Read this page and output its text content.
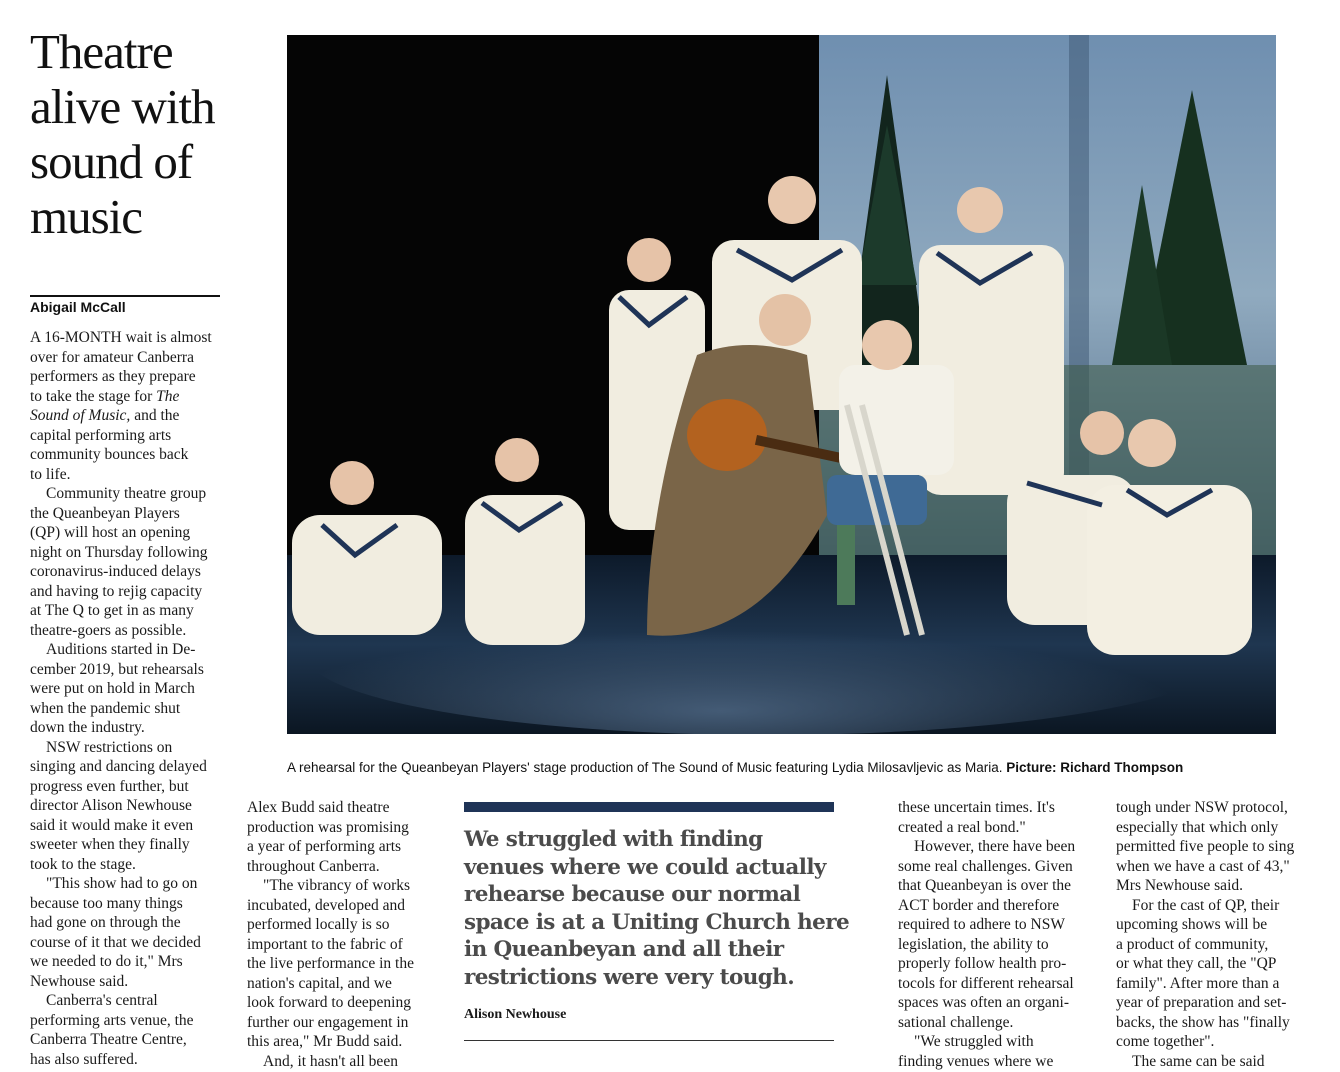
Theatre
alive with
sound of
music
Abigail McCall
A 16-MONTH wait is almost
over for amateur Canberra
performers as they prepare
to take the stage for The
Sound of Music, and the
capital performing arts
community bounces back
to life.
Community theatre group
the Queanbeyan Players
(QP) will host an opening
night on Thursday following
coronavirus-induced delays
and having to rejig capacity
at The Q to get in as many
theatre-goers as possible.
Auditions started in De-
cember 2019, but rehearsals
were put on hold in March
when the pandemic shut
down the industry.
NSW restrictions on
singing and dancing delayed
progress even further, but
director Alison Newhouse
said it would make it even
sweeter when they finally
took to the stage.
"This show had to go on
because too many things
had gone on through the
course of it that we decided
we needed to do it," Mrs
Newhouse said.
Canberra's central
performing arts venue, the
Canberra Theatre Centre,
has also suffered.
A rehearsal for the Queanbeyan Players' stage production of The Sound of Music featuring Lydia Milosavljevic as Maria. Picture: Richard Thompson
Alex Budd said theatre
production was promising
a year of performing arts
throughout Canberra.
"The vibrancy of works
incubated, developed and
performed locally is so
important to the fabric of
the live performance in the
nation's capital, and we
look forward to deepening
further our engagement in
this area," Mr Budd said.
And, it hasn't all been
We struggled with finding
venues where we could actually
rehearse because our normal
space is at a Uniting Church here
in Queanbeyan and all their
restrictions were very tough.
Alison Newhouse
these uncertain times. It's
created a real bond."
However, there have been
some real challenges. Given
that Queanbeyan is over the
ACT border and therefore
required to adhere to NSW
legislation, the ability to
properly follow health pro-
tocols for different rehearsal
spaces was often an organi-
sational challenge.
"We struggled with
finding venues where we
tough under NSW protocol,
especially that which only
permitted five people to sing
when we have a cast of 43,"
Mrs Newhouse said.
For the cast of QP, their
upcoming shows will be
a product of community,
or what they call, the "QP
family". After more than a
year of preparation and set-
backs, the show has "finally
come together".
The same can be said
